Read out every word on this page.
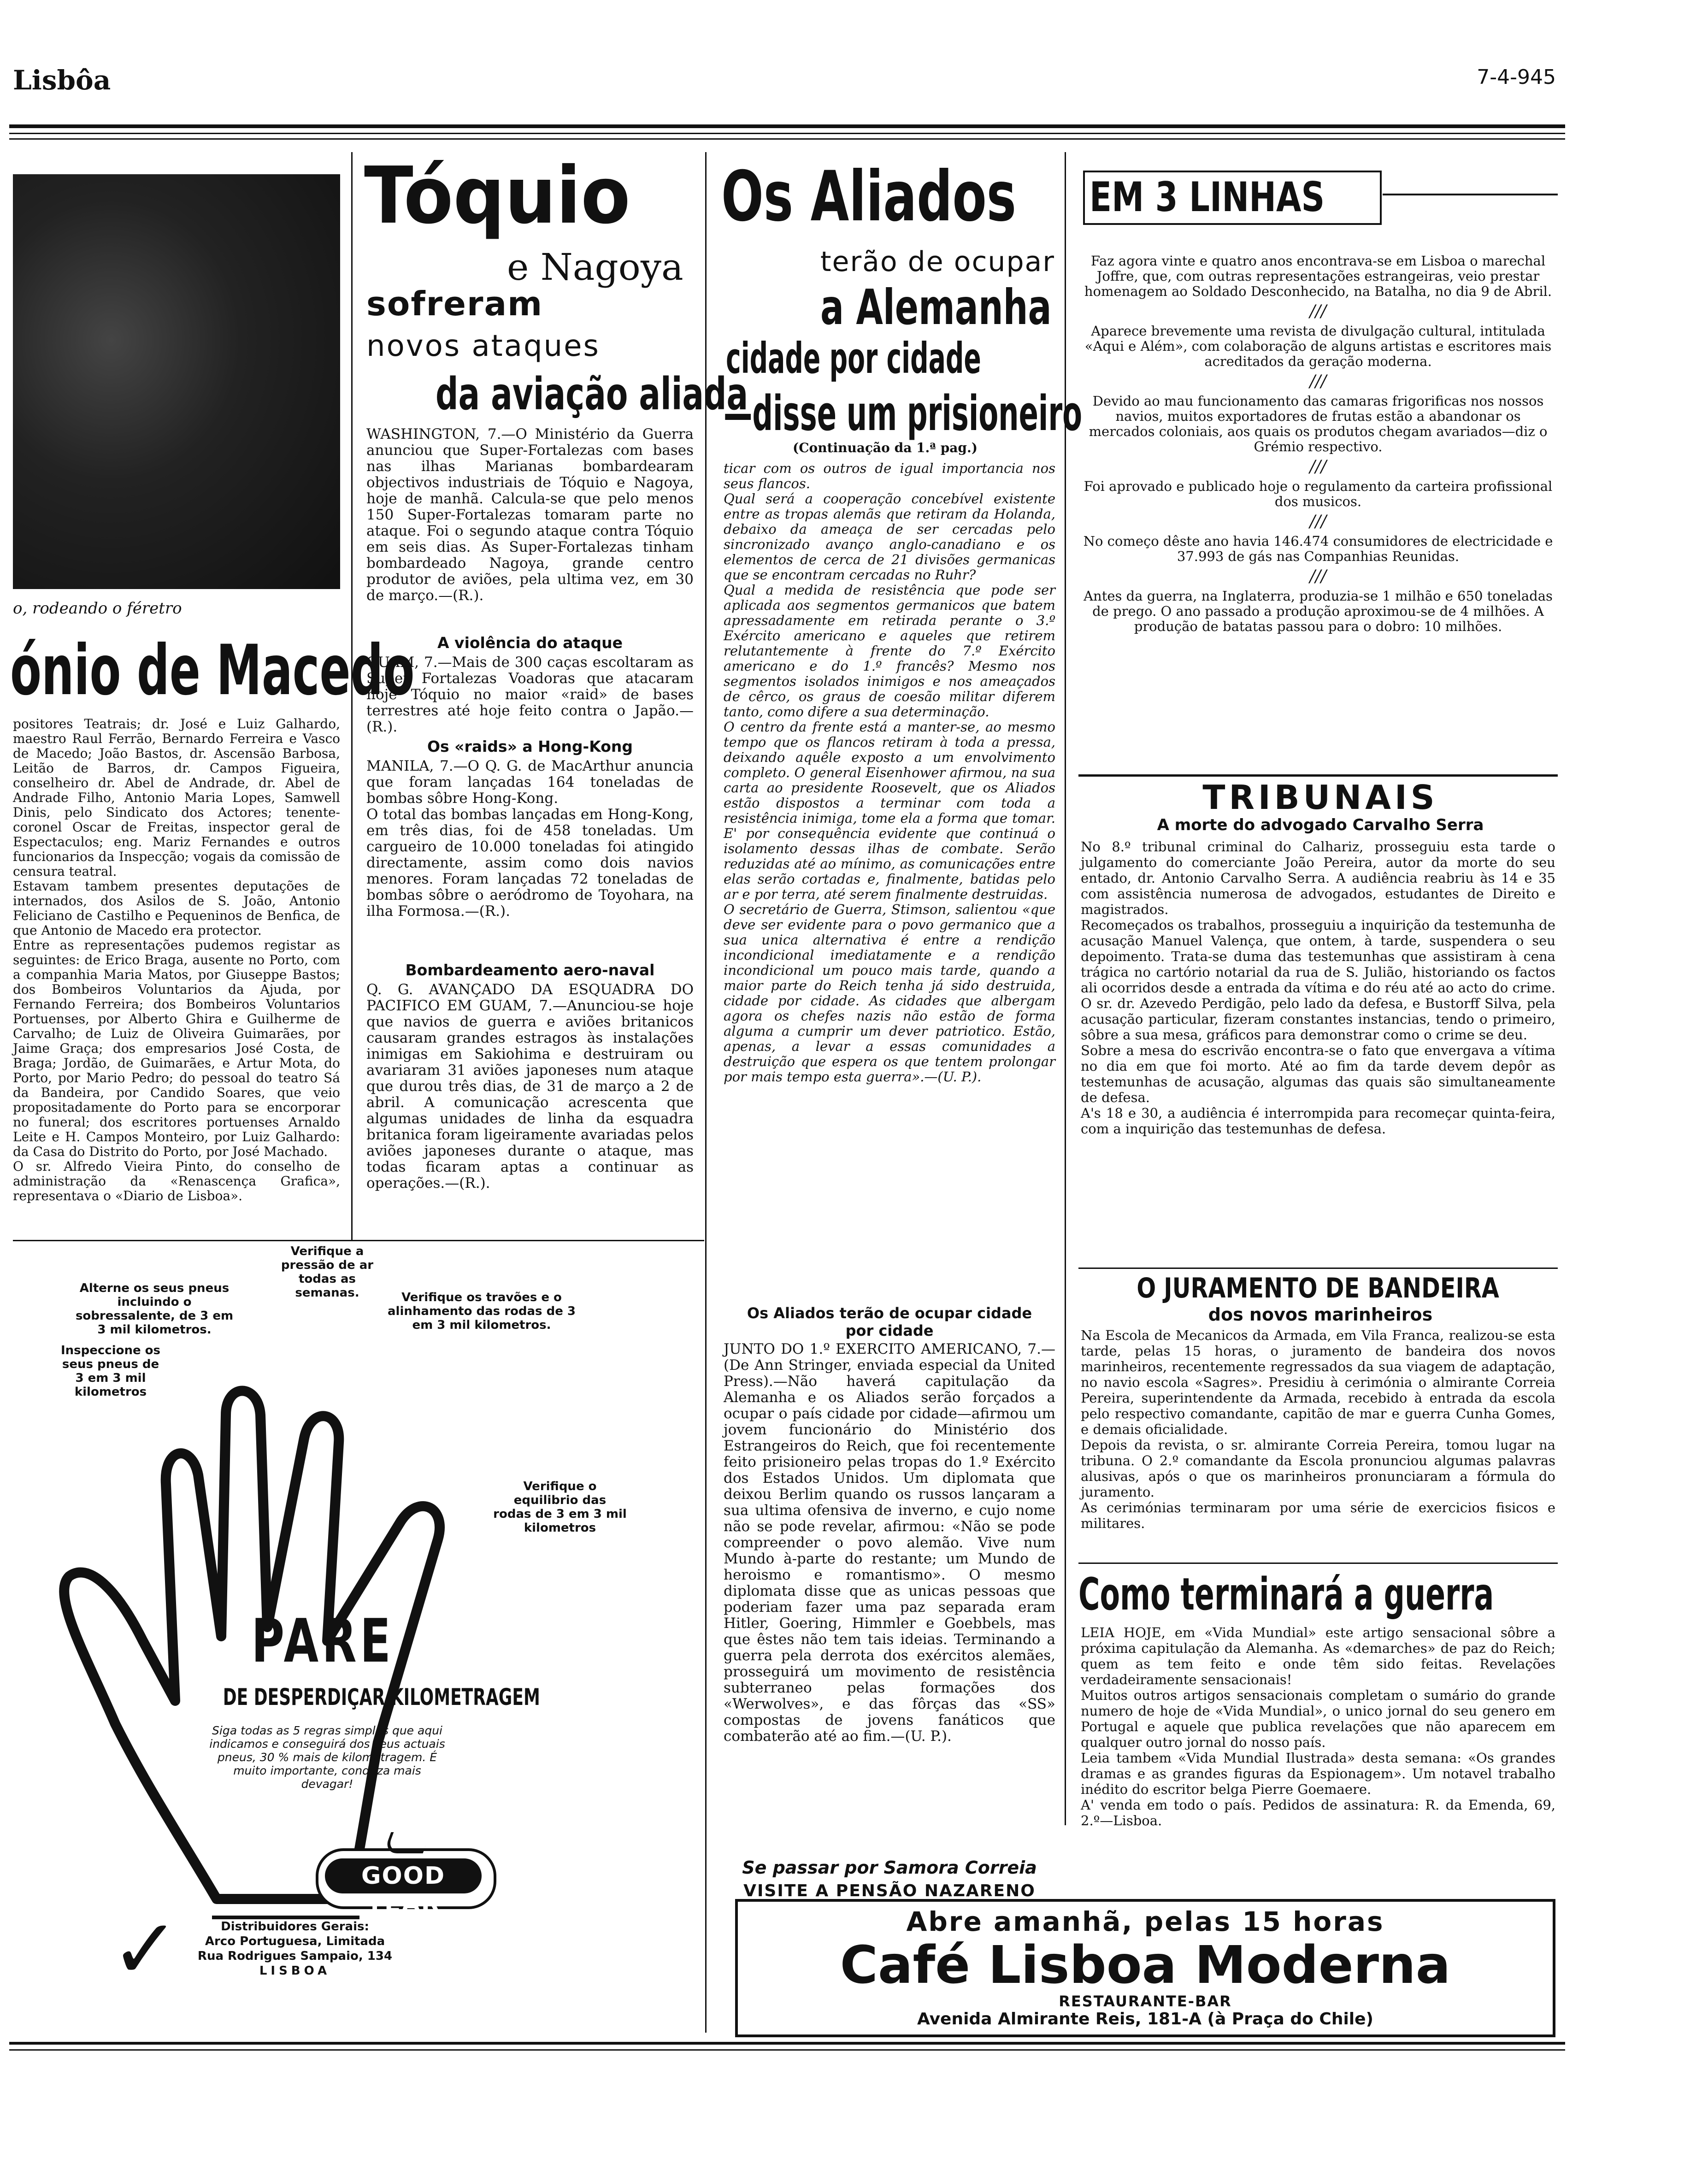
Lisbôa	7-4-945
o, rodeando o féretro
ónio de Macedo
positores Teatrais; dr. José e Luiz Galhardo, maestro Raul Ferrão, Bernardo Ferreira e Vasco de Macedo; João Bastos, dr. Ascensão Barbosa, Leitão de Barros, dr. Campos Figueira, conselheiro dr. Abel de Andrade, dr. Abel de Andrade Filho, Antonio Maria Lopes, Samwell Dinis, pelo Sindicato dos Actores; tenente-coronel Oscar de Freitas, inspector geral de Espectaculos; eng. Mariz Fernandes e outros funcionarios da Inspecção; vogais da comissão de censura teatral.
Estavam tambem presentes deputações de internados, dos Asilos de S. João, Antonio Feliciano de Castilho e Pequeninos de Benfica, de que Antonio de Macedo era protector.
Entre as representações pudemos registar as seguintes: de Erico Braga, ausente no Porto, com a companhia Maria Matos, por Giuseppe Bastos; dos Bombeiros Voluntarios da Ajuda, por Fernando Ferreira; dos Bombeiros Voluntarios Portuenses, por Alberto Ghira e Guilherme de Carvalho; de Luiz de Oliveira Guimarães, por Jaime Graça; dos empresarios José Costa, de Braga; Jordão, de Guimarães, e Artur Mota, do Porto, por Mario Pedro; do pessoal do teatro Sá da Bandeira, por Candido Soares, que veio propositadamente do Porto para se encorporar no funeral; dos escritores portuenses Arnaldo Leite e H. Campos Monteiro, por Luiz Galhardo: da Casa do Distrito do Porto, por José Machado.
O sr. Alfredo Vieira Pinto, do conselho de administração da «Renascença Grafica», representava o «Diario de Lisboa».
Tóquio
e Nagoya
sofreram
novos ataques
da aviação aliada
WASHINGTON, 7.—O Ministério da Guerra anunciou que Super-Fortalezas com bases nas ilhas Marianas bombardearam objectivos industriais de Tóquio e Nagoya, hoje de manhã. Calcula-se que pelo menos 150 Super-Fortalezas tomaram parte no ataque. Foi o segundo ataque contra Tóquio em seis dias. As Super-Fortalezas tinham bombardeado Nagoya, grande centro produtor de aviões, pela ultima vez, em 30 de março.—(R.).
A violência do ataque
GUAM, 7.—Mais de 300 caças escoltaram as Super Fortalezas Voadoras que atacaram hoje Tóquio no maior «raid» de bases terrestres até hoje feito contra o Japão.—(R.).
Os «raids» a Hong-Kong
MANILA, 7.—O Q. G. de MacArthur anuncia que foram lançadas 164 toneladas de bombas sôbre Hong-Kong.
O total das bombas lançadas em Hong-Kong, em três dias, foi de 458 toneladas. Um cargueiro de 10.000 toneladas foi atingido directamente, assim como dois navios menores. Foram lançadas 72 toneladas de bombas sôbre o aeródromo de Toyohara, na ilha Formosa.—(R.).
Bombardeamento aero-naval
Q. G. AVANÇADO DA ESQUADRA DO PACIFICO EM GUAM, 7.—Anunciou-se hoje que navios de guerra e aviões britanicos causaram grandes estragos às instalações inimigas em Sakiohima e destruiram ou avariaram 31 aviões japoneses num ataque que durou três dias, de 31 de março a 2 de abril. A comunicação acrescenta que algumas unidades de linha da esquadra britanica foram ligeiramente avariadas pelos aviões japoneses durante o ataque, mas todas ficaram aptas a continuar as operações.—(R.).
Os Aliados
terão de ocupar
a Alemanha
cidade por cidade
—disse um prisioneiro
(Continuação da 1.ª pag.)
ticar com os outros de igual importancia nos seus flancos.
Qual será a cooperação concebível existente entre as tropas alemãs que retiram da Holanda, debaixo da ameaça de ser cercadas pelo sincronizado avanço anglo-canadiano e os elementos de cerca de 21 divisões germanicas que se encontram cercadas no Ruhr?
Qual a medida de resistência que pode ser aplicada aos segmentos germanicos que batem apressadamente em retirada perante o 3.º Exército americano e aqueles que retirem relutantemente à frente do 7.º Exército americano e do 1.º francês? Mesmo nos segmentos isolados inimigos e nos ameaçados de cêrco, os graus de coesão militar diferem tanto, como difere a sua determinação.
O centro da frente está a manter-se, ao mesmo tempo que os flancos retiram à toda a pressa, deixando aquêle exposto a um envolvimento completo. O general Eisenhower afirmou, na sua carta ao presidente Roosevelt, que os Aliados estão dispostos a terminar com toda a resistência inimiga, tome ela a forma que tomar. E' por consequência evidente que continuá o isolamento dessas ilhas de combate. Serão reduzidas até ao mínimo, as comunicações entre elas serão cortadas e, finalmente, batidas pelo ar e por terra, até serem finalmente destruidas.
O secretário de Guerra, Stimson, salientou «que deve ser evidente para o povo germanico que a sua unica alternativa é entre a rendição incondicional imediatamente e a rendição incondicional um pouco mais tarde, quando a maior parte do Reich tenha já sido destruida, cidade por cidade. As cidades que albergam agora os chefes nazis não estão de forma alguma a cumprir um dever patriotico. Estão, apenas, a levar a essas comunidades a destruição que espera os que tentem prolongar por mais tempo esta guerra».—(U. P.).
Os Aliados terão de ocupar cidade por cidade
JUNTO DO 1.º EXERCITO AMERICANO, 7.—(De Ann Stringer, enviada especial da United Press).—Não haverá capitulação da Alemanha e os Aliados serão forçados a ocupar o país cidade por cidade—afirmou um jovem funcionário do Ministério dos Estrangeiros do Reich, que foi recentemente feito prisioneiro pelas tropas do 1.º Exército dos Estados Unidos. Um diplomata que deixou Berlim quando os russos lançaram a sua ultima ofensiva de inverno, e cujo nome não se pode revelar, afirmou: «Não se pode compreender o povo alemão. Vive num Mundo à-parte do restante; um Mundo de heroismo e romantismo». O mesmo diplomata disse que as unicas pessoas que poderiam fazer uma paz separada eram Hitler, Goering, Himmler e Goebbels, mas que êstes não tem tais ideias. Terminando a guerra pela derrota dos exércitos alemães, prosseguirá um movimento de resistência subterraneo pelas formações dos «Werwolves», e das fôrças das «SS» compostas de jovens fanáticos que combaterão até ao fim.—(U. P.).
Se passar por Samora Correia
VISITE A PENSÃO NAZARENO
EM 3 LINHAS
Faz agora vinte e quatro anos encontrava-se em Lisboa o marechal Joffre, que, com outras representações estrangeiras, veio prestar homenagem ao Soldado Desconhecido, na Batalha, no dia 9 de Abril.
///
Aparece brevemente uma revista de divulgação cultural, intitulada «Aqui e Além», com colaboração de alguns artistas e escritores mais acreditados da geração moderna.
///
Devido ao mau funcionamento das camaras frigorificas nos nossos navios, muitos exportadores de frutas estão a abandonar os mercados coloniais, aos quais os produtos chegam avariados—diz o Grémio respectivo.
///
Foi aprovado e publicado hoje o regulamento da carteira profissional dos musicos.
///
No começo dêste ano havia 146.474 consumidores de electricidade e 37.993 de gás nas Companhias Reunidas.
///
Antes da guerra, na Inglaterra, produzia-se 1 milhão e 650 toneladas de prego. O ano passado a produção aproximou-se de 4 milhões. A produção de batatas passou para o dobro: 10 milhões.
TRIBUNAIS
A morte do advogado Carvalho Serra
No 8.º tribunal criminal do Calhariz, prosseguiu esta tarde o julgamento do comerciante João Pereira, autor da morte do seu entado, dr. Antonio Carvalho Serra. A audiência reabriu às 14 e 35 com assistência numerosa de advogados, estudantes de Direito e magistrados.
Recomeçados os trabalhos, prosseguiu a inquirição da testemunha de acusação Manuel Valença, que ontem, à tarde, suspendera o seu depoimento. Trata-se duma das testemunhas que assistiram à cena trágica no cartório notarial da rua de S. Julião, historiando os factos ali ocorridos desde a entrada da vítima e do réu até ao acto do crime. O sr. dr. Azevedo Perdigão, pelo lado da defesa, e Bustorff Silva, pela acusação particular, fizeram constantes instancias, tendo o primeiro, sôbre a sua mesa, gráficos para demonstrar como o crime se deu.
Sobre a mesa do escrivão encontra-se o fato que envergava a vítima no dia em que foi morto. Até ao fim da tarde devem depôr as testemunhas de acusação, algumas das quais são simultaneamente de defesa.
A's 18 e 30, a audiência é interrompida para recomeçar quinta-feira, com a inquirição das testemunhas de defesa.
O JURAMENTO DE BANDEIRA
dos novos marinheiros
Na Escola de Mecanicos da Armada, em Vila Franca, realizou-se esta tarde, pelas 15 horas, o juramento de bandeira dos novos marinheiros, recentemente regressados da sua viagem de adaptação, no navio escola «Sagres». Presidiu à cerimónia o almirante Correia Pereira, superintendente da Armada, recebido à entrada da escola pelo respectivo comandante, capitão de mar e guerra Cunha Gomes, e demais oficialidade.
Depois da revista, o sr. almirante Correia Pereira, tomou lugar na tribuna. O 2.º comandante da Escola pronunciou algumas palavras alusivas, após o que os marinheiros pronunciaram a fórmula do juramento.
As cerimónias terminaram por uma série de exercicios fisicos e militares.
Como terminará a guerra
LEIA HOJE, em «Vida Mundial» este artigo sensacional sôbre a próxima capitulação da Alemanha. As «demarches» de paz do Reich; quem as tem feito e onde têm sido feitas. Revelações verdadeiramente sensacionais!
Muitos outros artigos sensacionais completam o sumário do grande numero de hoje de «Vida Mundial», o unico jornal do seu genero em Portugal e aquele que publica revelações que não aparecem em qualquer outro jornal do nosso país.
Leia tambem «Vida Mundial Ilustrada» desta semana: «Os grandes dramas e as grandes figuras da Espionagem». Um notavel trabalho inédito do escritor belga Pierre Goemaere.
A' venda em todo o país. Pedidos de assinatura: R. da Emenda, 69, 2.º—Lisboa.
Abre amanhã, pelas 15 horas
Café Lisboa Moderna
RESTAURANTE-BAR
Avenida Almirante Reis, 181-A (à Praça do Chile)
Alterne os seus pneus incluindo o sobressalente, de 3 em 3 mil kilometros.
Verifique a pressão de ar todas as semanas.	Verifique os travões e o alinhamento das rodas de 3 em 3 mil kilometros.
Inspeccione os seus pneus de 3 em 3 mil kilometros
Verifique o equilibrio das rodas de 3 em 3 mil kilometros
PARE
DE DESPERDIÇAR KILOMETRAGEM
Siga todas as 5 regras simples que aqui indicamos e conseguirá dos seus actuais pneus, 30 % mais de kilometragem. É muito importante, conduza mais devagar!
GOOD YEAR
✓	Distribuidores Gerais:
Arco Portuguesa, Limitada
Rua Rodrigues Sampaio, 134
LISBOA
